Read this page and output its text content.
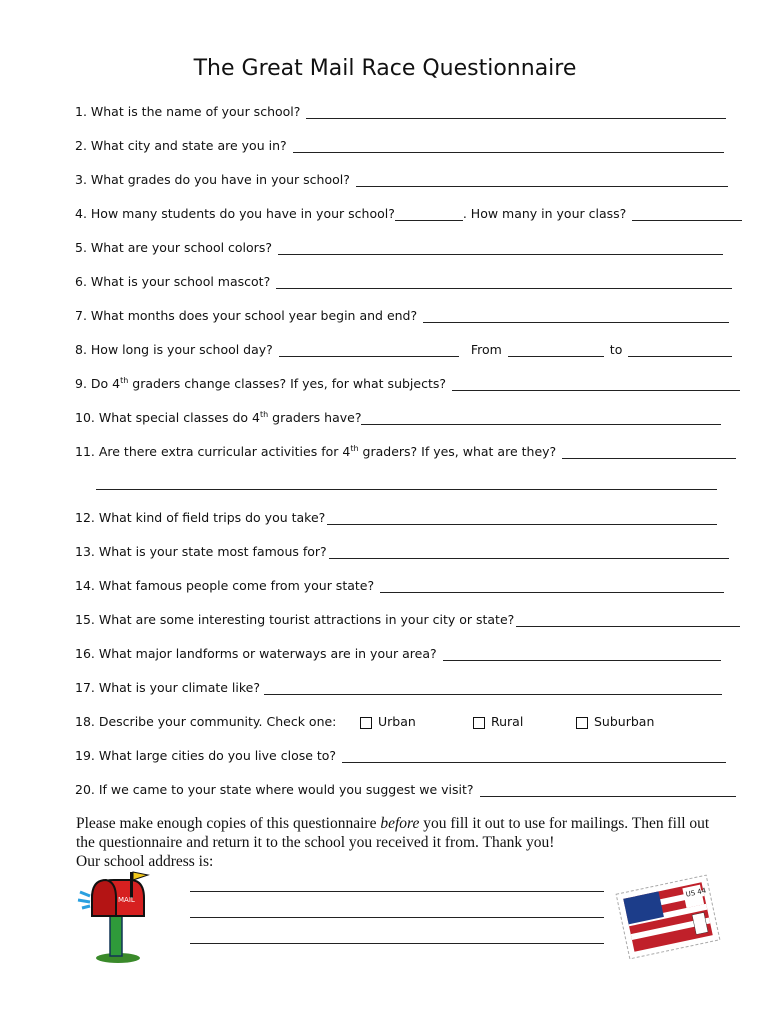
The Great Mail Race Questionnaire
1. What is the name of your school?
2. What city and state are you in?
3. What grades do you have in your school?
4. How many students do you have in your school?	. How many in your class?
5. What are your school colors?
6. What is your school mascot?
7. What months does your school year begin and end?
8. How long is your school day?	From	to
9. Do 4th graders change classes? If yes, for what subjects?
10. What special classes do 4th graders have?
11. Are there extra curricular activities for 4th graders? If yes, what are they?
12. What kind of field trips do you take?
13. What is your state most famous for?
14. What famous people come from your state?
15. What are some interesting tourist attractions in your city or state?
16. What major landforms or waterways are in your area?
17. What is your climate like?
18. Describe your community. Check one:	Urban	Rural	Suburban
19. What large cities do you live close to?
20. If we came to your state where would you suggest we visit?
Please make enough copies of this questionnaire before you fill it out to use for mailings. Then fill out the questionnaire and return it to the school you received it from. Thank you!
Our school address is:
MAIL
US 44
